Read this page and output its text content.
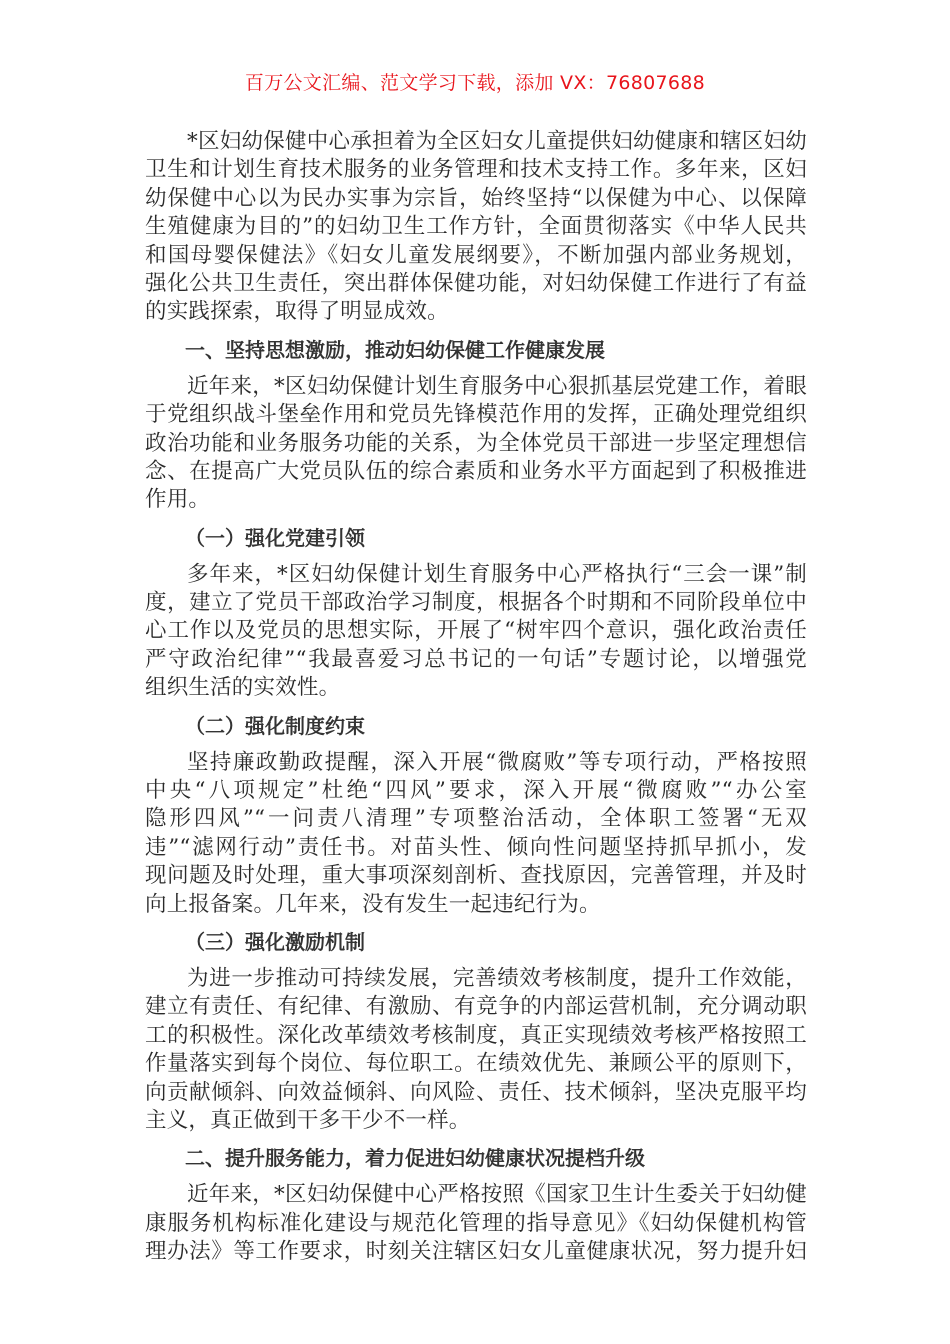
百万公文汇编、范文学习下载，添加 VX：76807688
*区妇幼保健中心承担着为全区妇女儿童提供妇幼健康和辖区妇幼
卫生和计划生育技术服务的业务管理和技术支持工作。多年来，区妇
幼保健中心以为民办实事为宗旨，始终坚持“以保健为中心、以保障
生殖健康为目的”的妇幼卫生工作方针，全面贯彻落实《中华人民共
和国母婴保健法》《妇女儿童发展纲要》，不断加强内部业务规划，
强化公共卫生责任，突出群体保健功能，对妇幼保健工作进行了有益
的实践探索，取得了明显成效。
一、坚持思想激励，推动妇幼保健工作健康发展
近年来，*区妇幼保健计划生育服务中心狠抓基层党建工作，着眼
于党组织战斗堡垒作用和党员先锋模范作用的发挥，正确处理党组织
政治功能和业务服务功能的关系，为全体党员干部进一步坚定理想信
念、在提高广大党员队伍的综合素质和业务水平方面起到了积极推进
作用。
（一）强化党建引领
多年来，*区妇幼保健计划生育服务中心严格执行“三会一课”制
度，建立了党员干部政治学习制度，根据各个时期和不同阶段单位中
心工作以及党员的思想实际，开展了“树牢四个意识，强化政治责任
严守政治纪律”“我最喜爱习总书记的一句话”专题讨论，以增强党
组织生活的实效性。
（二）强化制度约束
坚持廉政勤政提醒，深入开展“微腐败”等专项行动，严格按照
中央“八项规定”杜绝“四风”要求，深入开展“微腐败”“办公室
隐形四风”“一问责八清理”专项整治活动，全体职工签署“无双
违”“滤网行动”责任书。对苗头性、倾向性问题坚持抓早抓小，发
现问题及时处理，重大事项深刻剖析、查找原因，完善管理，并及时
向上报备案。几年来，没有发生一起违纪行为。
（三）强化激励机制
为进一步推动可持续发展，完善绩效考核制度，提升工作效能，
建立有责任、有纪律、有激励、有竞争的内部运营机制，充分调动职
工的积极性。深化改革绩效考核制度，真正实现绩效考核严格按照工
作量落实到每个岗位、每位职工。在绩效优先、兼顾公平的原则下，
向贡献倾斜、向效益倾斜、向风险、责任、技术倾斜，坚决克服平均
主义，真正做到干多干少不一样。
二、提升服务能力，着力促进妇幼健康状况提档升级
近年来，*区妇幼保健中心严格按照《国家卫生计生委关于妇幼健
康服务机构标准化建设与规范化管理的指导意见》《妇幼保健机构管
理办法》等工作要求，时刻关注辖区妇女儿童健康状况，努力提升妇
